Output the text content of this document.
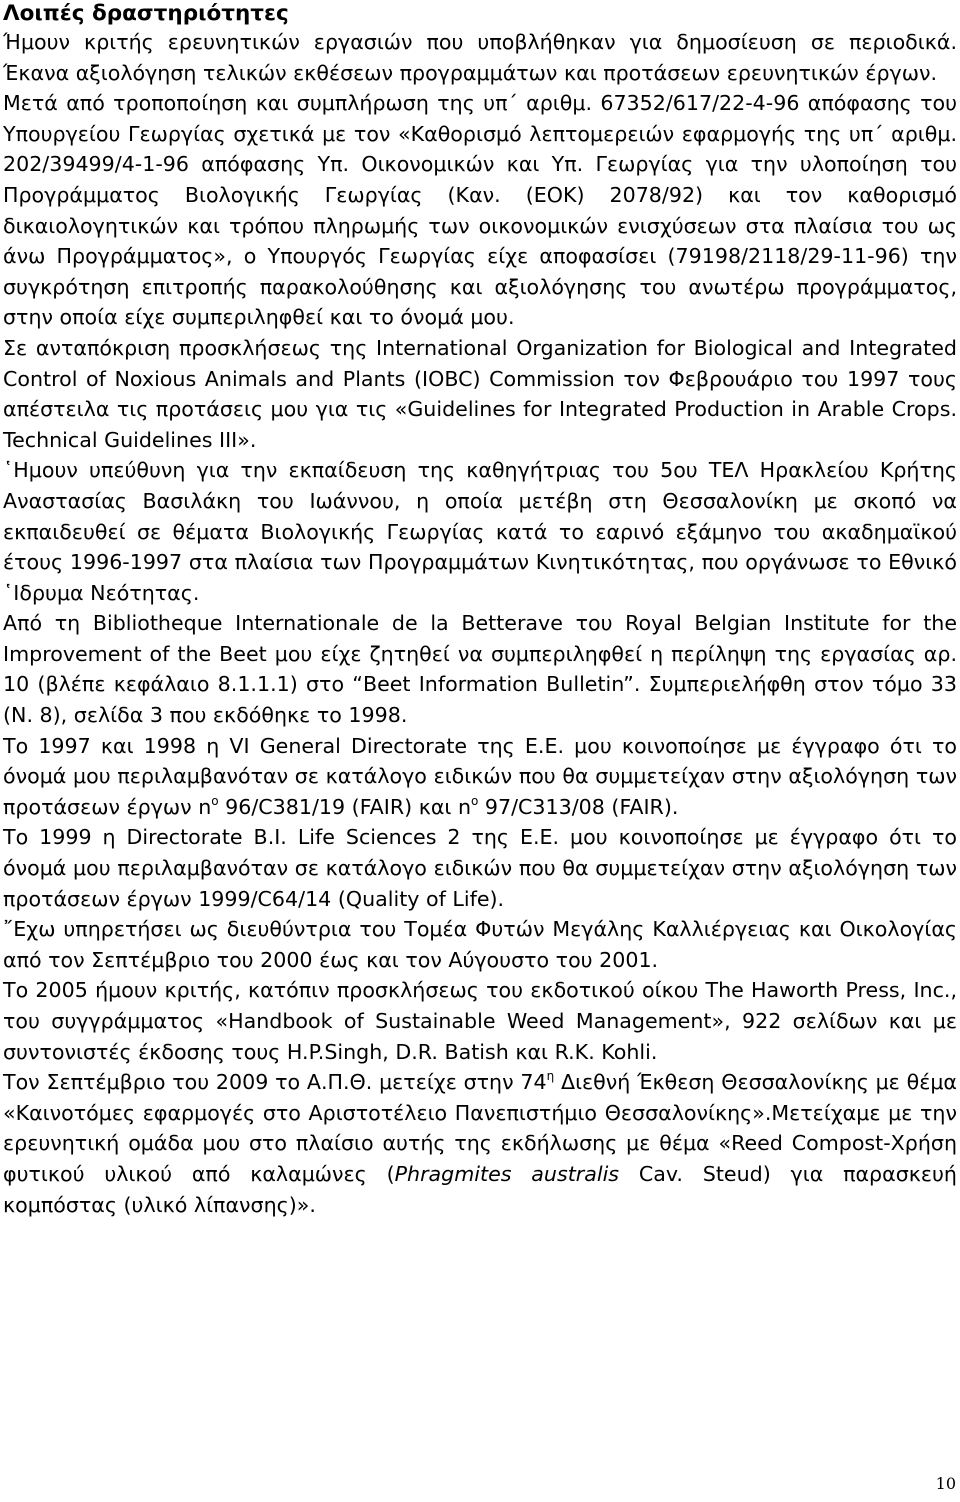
Λοιπές δραστηριότητες

Ήμουν κριτής ερευνητικών εργασιών που υποβλήθηκαν για δημοσίευση σε περιοδικά. Έκανα αξιολόγηση τελικών εκθέσεων προγραμμάτων και προτάσεων ερευνητικών έργων.

Μετά από τροποποίηση και συμπλήρωση της υπ΄ αριθμ. 67352/617/22-4-96 απόφασης του Υπουργείου Γεωργίας σχετικά με τον «Καθορισμό λεπτομερειών εφαρμογής της υπ΄ αριθμ. 202/39499/4-1-96 απόφασης Υπ. Οικονομικών και Υπ. Γεωργίας για την υλοποίηση του Προγράμματος Βιολογικής Γεωργίας (Καν. (ΕΟΚ) 2078/92) και τον καθορισμό δικαιολογητικών και τρόπου πληρωμής των οικονομικών ενισχύσεων στα πλαίσια του ως άνω Προγράμματος», ο Υπουργός Γεωργίας είχε αποφασίσει (79198/2118/29-11-96) την συγκρότηση επιτροπής παρακολούθησης και αξιολόγησης του ανωτέρω προγράμματος, στην οποία είχε συμπεριληφθεί και το όνομά μου.

Σε ανταπόκριση προσκλήσεως της International Organization for Biological and Integrated Control of Noxious Animals and Plants (IOBC) Commission τον Φεβρουάριο του 1997 τους απέστειλα τις προτάσεις μου για τις «Guidelines for Integrated Production in Arable Crops. Technical Guidelines III».

῾Ημουν υπεύθυνη για την εκπαίδευση της καθηγήτριας του 5ου ΤΕΛ Ηρακλείου Κρήτης Αναστασίας Βασιλάκη του Ιωάννου, η οποία μετέβη στη Θεσσαλονίκη με σκοπό να εκπαιδευθεί σε θέματα Βιολογικής Γεωργίας κατά το εαρινό εξάμηνο του ακαδημαϊκού έτους 1996-1997 στα πλαίσια των Προγραμμάτων Κινητικότητας, που οργάνωσε το Εθνικό ῾Ιδρυμα Νεότητας.

Από τη Bibliotheque Internationale de la Betterave του Royal Belgian Institute for the Improvement of the Beet μου είχε ζητηθεί να συμπεριληφθεί η περίληψη της εργασίας αρ. 10 (βλέπε κεφάλαιο 8.1.1.1) στο “Beet Information Bulletin”. Συμπεριελήφθη στον τόμο 33 (Ν. 8), σελίδα 3 που εκδόθηκε το 1998.

Το 1997 και 1998 η VI General Directorate της Ε.Ε. μου κοινοποίησε με έγγραφο ότι το όνομά μου περιλαμβανόταν σε κατάλογο ειδικών που θα συμμετείχαν στην αξιολόγηση των προτάσεων έργων $n^o$ 96/C381/19 (FAIR) και $n^o$ 97/C313/08 (FAIR).

Το 1999 η Directorate B.I. Life Sciences 2 της Ε.Ε. μου κοινοποίησε με έγγραφο ότι το όνομά μου περιλαμβανόταν σε κατάλογο ειδικών που θα συμμετείχαν στην αξιολόγηση των προτάσεων έργων 1999/C64/14 (Quality of Life).

῎Εχω υπηρετήσει ως διευθύντρια του Τομέα Φυτών Μεγάλης Καλλιέργειας και Οικολογίας από τον Σεπτέμβριο του 2000 έως και τον Αύγουστο του 2001.

Το 2005 ήμουν κριτής, κατόπιν προσκλήσεως του εκδοτικού οίκου The Haworth Press, Inc., του συγγράμματος «Handbook of Sustainable Weed Management», 922 σελίδων και με συντονιστές έκδοσης τους H.P.Singh, D.R. Batish και R.K. Kohli.

Τον Σεπτέμβριο του 2009 το Α.Π.Θ. μετείχε στην $74^\eta$ Διεθνή Έκθεση Θεσσαλονίκης με θέμα «Καινοτόμες εφαρμογές στο Αριστοτέλειο Πανεπιστήμιο Θεσσαλονίκης».Μετείχαμε με την ερευνητική ομάδα μου στο πλαίσιο αυτής της εκδήλωσης με θέμα «Reed Compost-Χρήση φυτικού υλικού από καλαμώνες (Phragmites australis Cav. Steud) για παρασκευή κομπόστας (υλικό λίπανσης)».

10
